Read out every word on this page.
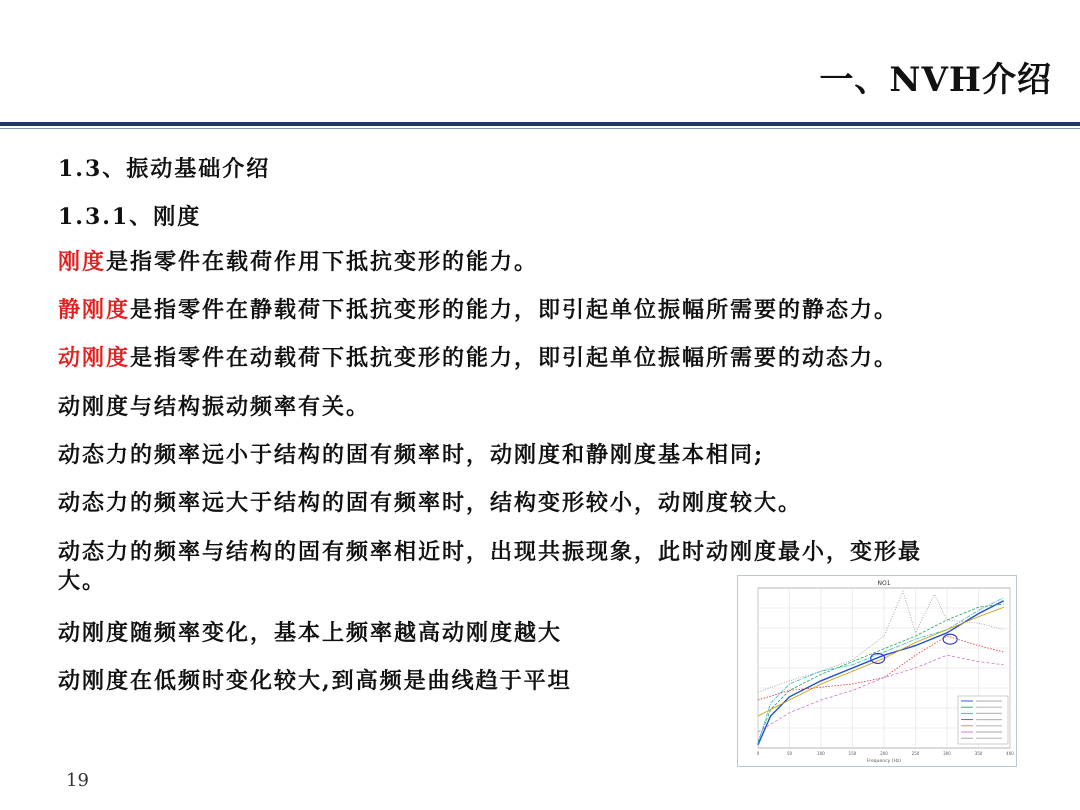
一、NVH介绍
1.3、振动基础介绍
1.3.1、刚度
刚度是指零件在载荷作用下抵抗变形的能力。
静刚度是指零件在静载荷下抵抗变形的能力，即引起单位振幅所需要的静态力。
动刚度是指零件在动载荷下抵抗变形的能力，即引起单位振幅所需要的动态力。
动刚度与结构振动频率有关。
动态力的频率远小于结构的固有频率时，动刚度和静刚度基本相同;
动态力的频率远大于结构的固有频率时，结构变形较小，动刚度较大。
动态力的频率与结构的固有频率相近时，出现共振现象，此时动刚度最小，变形最
大。
动刚度随频率变化，基本上频率越高动刚度越大
动刚度在低频时变化较大,到高频是曲线趋于平坦
19
NO1
0	50	100	150	200	250	300	350	400
Frequency (Hz)
